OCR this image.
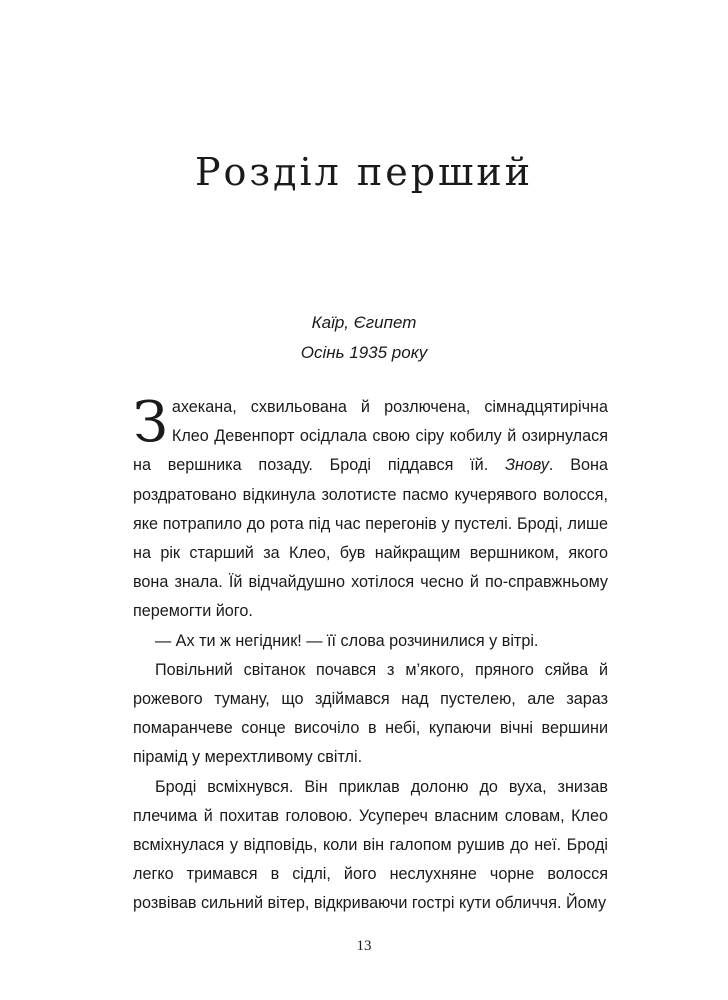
Розділ перший
Каїр, Єгипет
Осінь 1935 року

Захекана, схвильована й розлючена, сімнадцятирічна Клео Девенпорт осідлала свою сіру кобилу й озирнулася на вершника позаду. Броді піддався їй. Знову. Вона роздратовано відкинула золотисте пасмо кучерявого волосся, яке потрапило до рота під час перегонів у пустелі. Броді, лише на рік старший за Клео, був найкращим вершником, якого вона знала. Їй відчайдушно хотілося чесно й по-справжньому перемогти його.

— Ах ти ж негідник! — її слова розчинилися у вітрі.

Повільний світанок почався з м’якого, пряного сяйва й рожевого туману, що здіймався над пустелею, але зараз помаранчеве сонце височіло в небі, купаючи вічні вершини пірамід у мерехтливому світлі.

Броді всміхнувся. Він приклав долоню до вуха, знизав плечима й похитав головою. Усупереч власним словам, Клео всміхнулася у відповідь, коли він галопом рушив до неї. Броді легко тримався в сідлі, його неслухняне чорне волосся розвівав сильний вітер, відкриваючи гострі кути обличчя. Йому

13
